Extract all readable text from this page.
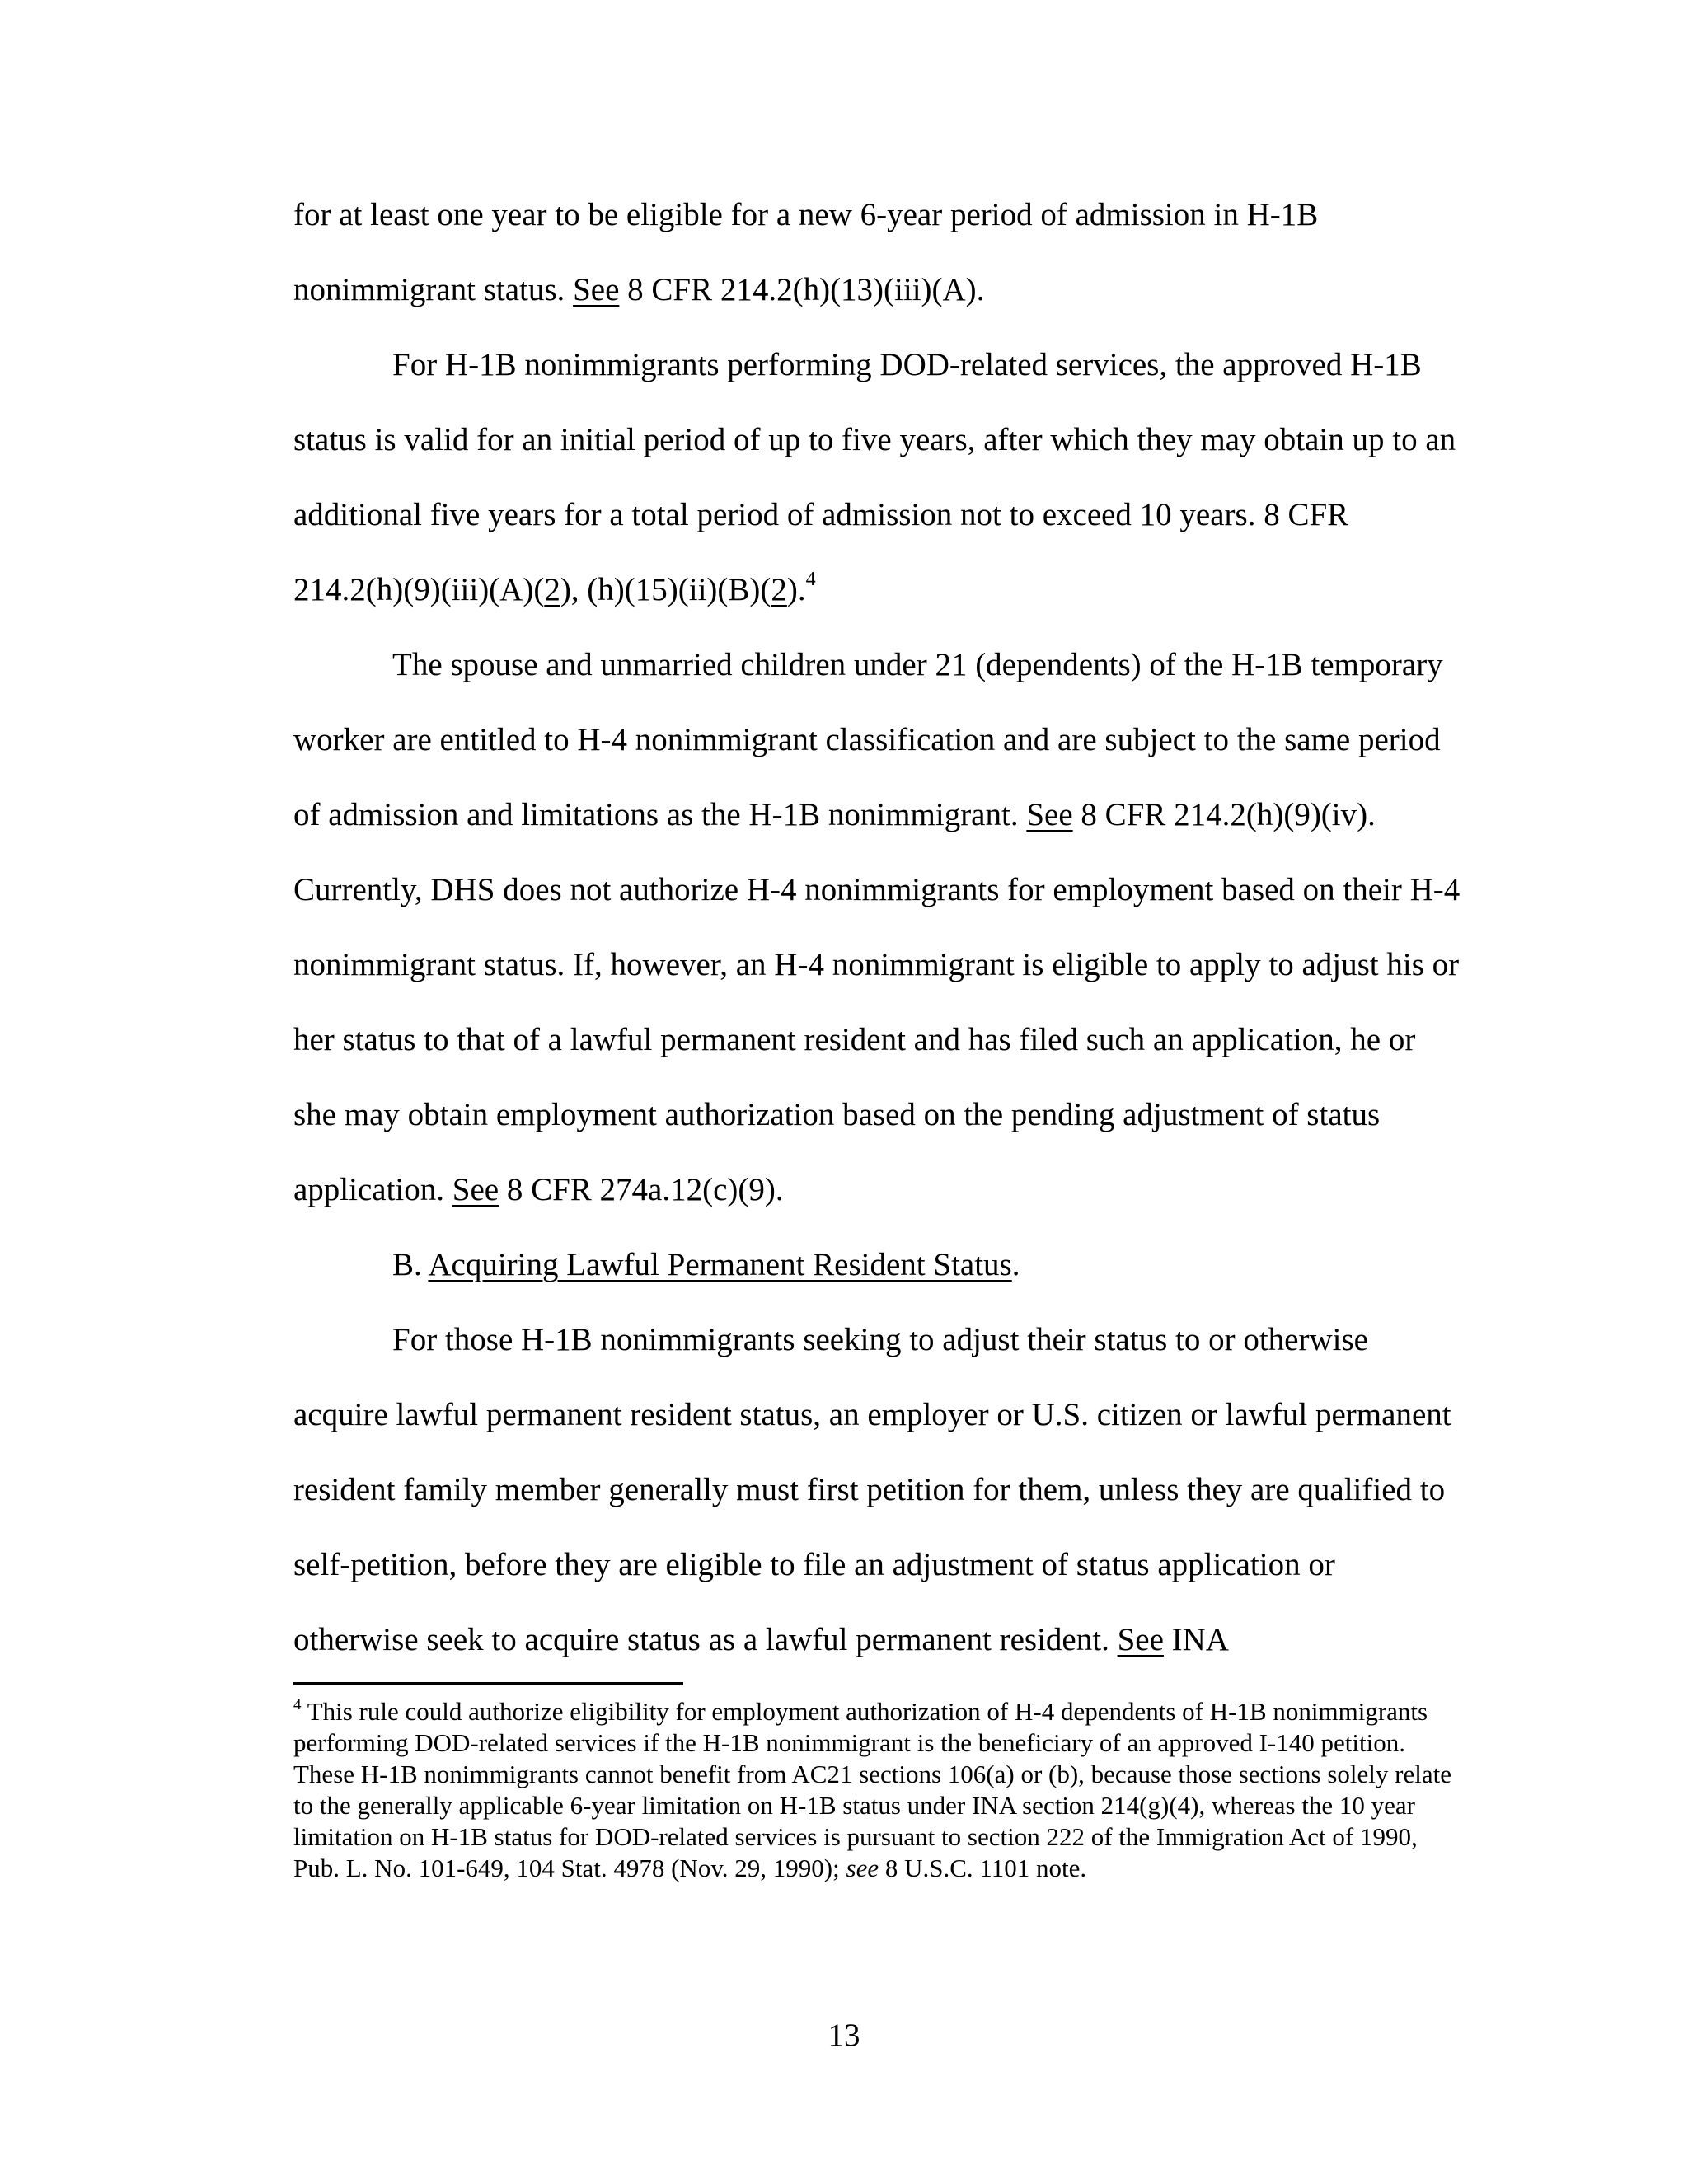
for at least one year to be eligible for a new 6-year period of admission in H-1B nonimmigrant status. See 8 CFR 214.2(h)(13)(iii)(A).

For H-1B nonimmigrants performing DOD-related services, the approved H-1B status is valid for an initial period of up to five years, after which they may obtain up to an additional five years for a total period of admission not to exceed 10 years. 8 CFR 214.2(h)(9)(iii)(A)(2), (h)(15)(ii)(B)(2).$^4$

The spouse and unmarried children under 21 (dependents) of the H-1B temporary worker are entitled to H-4 nonimmigrant classification and are subject to the same period of admission and limitations as the H-1B nonimmigrant. See 8 CFR 214.2(h)(9)(iv). Currently, DHS does not authorize H-4 nonimmigrants for employment based on their H-4 nonimmigrant status. If, however, an H-4 nonimmigrant is eligible to apply to adjust his or her status to that of a lawful permanent resident and has filed such an application, he or she may obtain employment authorization based on the pending adjustment of status application. See 8 CFR 274a.12(c)(9).

B. Acquiring Lawful Permanent Resident Status.

For those H-1B nonimmigrants seeking to adjust their status to or otherwise acquire lawful permanent resident status, an employer or U.S. citizen or lawful permanent resident family member generally must first petition for them, unless they are qualified to self-petition, before they are eligible to file an adjustment of status application or otherwise seek to acquire status as a lawful permanent resident. See INA

$^4$ This rule could authorize eligibility for employment authorization of H-4 dependents of H-1B nonimmigrants performing DOD-related services if the H-1B nonimmigrant is the beneficiary of an approved I-140 petition. These H-1B nonimmigrants cannot benefit from AC21 sections 106(a) or (b), because those sections solely relate to the generally applicable 6-year limitation on H-1B status under INA section 214(g)(4), whereas the 10 year limitation on H-1B status for DOD-related services is pursuant to section 222 of the Immigration Act of 1990, Pub. L. No. 101-649, 104 Stat. 4978 (Nov. 29, 1990); see 8 U.S.C. 1101 note.

13
